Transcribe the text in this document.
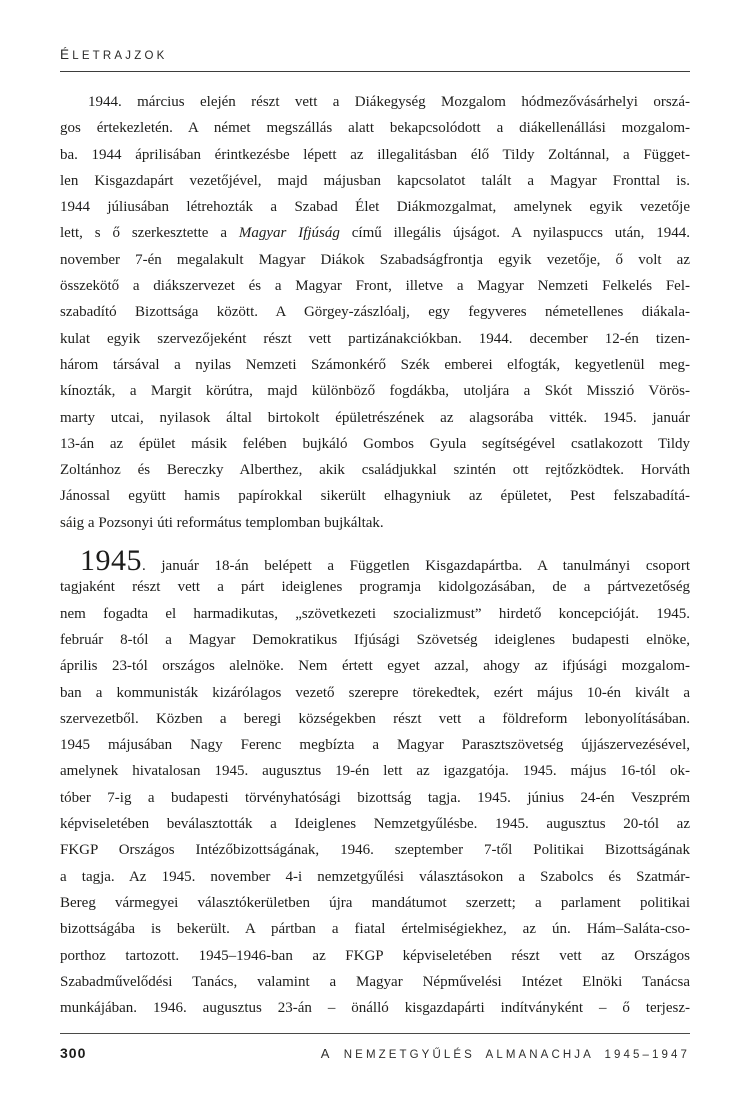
ÉLETRAJZOK
1944. március elején részt vett a Diákegység Mozgalom hódmezővásárhelyi orszá-
gos értekezletén. A német megszállás alatt bekapcsolódott a diákellenállási mozgalom-
ba. 1944 áprilisában érintkezésbe lépett az illegalitásban élő Tildy Zoltánnal, a Függet-
len Kisgazdapárt vezetőjével, majd májusban kapcsolatot talált a Magyar Fronttal is.
1944 júliusában létrehozták a Szabad Élet Diákmozgalmat, amelynek egyik vezetője
lett, s ő szerkesztette a Magyar Ifjúság című illegális újságot. A nyilaspuccs után, 1944.
november 7-én megalakult Magyar Diákok Szabadságfrontja egyik vezetője, ő volt az
összekötő a diákszervezet és a Magyar Front, illetve a Magyar Nemzeti Felkelés Fel-
szabadító Bizottsága között. A Görgey-zászlóalj, egy fegyveres németellenes diákala-
kulat egyik szervezőjeként részt vett partizánakciókban. 1944. december 12-én tizen-
három társával a nyilas Nemzeti Számonkérő Szék emberei elfogták, kegyetlenül meg-
kínozták, a Margit körútra, majd különböző fogdákba, utoljára a Skót Misszió Vörös-
marty utcai, nyilasok által birtokolt épületrészének az alagsorába vitték. 1945. január
13-án az épület másik felében bujkáló Gombos Gyula segítségével csatlakozott Tildy
Zoltánhoz és Bereczky Alberthez, akik családjukkal szintén ott rejtőzködtek. Horváth
Jánossal együtt hamis papírokkal sikerült elhagyniuk az épületet, Pest felszabadítá-
sáig a Pozsonyi úti református templomban bujkáltak.
1945. január 18-án belépett a Független Kisgazdapártba. A tanulmányi csoport
tagjaként részt vett a párt ideiglenes programja kidolgozásában, de a pártvezetőség
nem fogadta el harmadikutas, „szövetkezeti szocializmust” hirdető koncepcióját. 1945.
február 8-tól a Magyar Demokratikus Ifjúsági Szövetség ideiglenes budapesti elnöke,
április 23-tól országos alelnöke. Nem értett egyet azzal, ahogy az ifjúsági mozgalom-
ban a kommunisták kizárólagos vezető szerepre törekedtek, ezért május 10-én kivált a
szervezetből. Közben a beregi községekben részt vett a földreform lebonyolításában.
1945 májusában Nagy Ferenc megbízta a Magyar Parasztszövetség újjászervezésével,
amelynek hivatalosan 1945. augusztus 19-én lett az igazgatója. 1945. május 16-tól ok-
tóber 7-ig a budapesti törvényhatósági bizottság tagja. 1945. június 24-én Veszprém
képviseletében beválasztották a Ideiglenes Nemzetgyűlésbe. 1945. augusztus 20-tól az
FKGP Országos Intézőbizottságának, 1946. szeptember 7-től Politikai Bizottságának
a tagja. Az 1945. november 4-i nemzetgyűlési választásokon a Szabolcs és Szatmár-
Bereg vármegyei választókerületben újra mandátumot szerzett; a parlament politikai
bizottságába is bekerült. A pártban a fiatal értelmiségiekhez, az ún. Hám–Saláta-cso-
porthoz tartozott. 1945–1946-ban az FKGP képviseletében részt vett az Országos
Szabadművelődési Tanács, valamint a Magyar Népművelési Intézet Elnöki Tanácsa
munkájában. 1946. augusztus 23-án – önálló kisgazdapárti indítványként – ő terjesz-
300	A NEMZETGYŰLÉS ALMANACHJA 1945–1947
